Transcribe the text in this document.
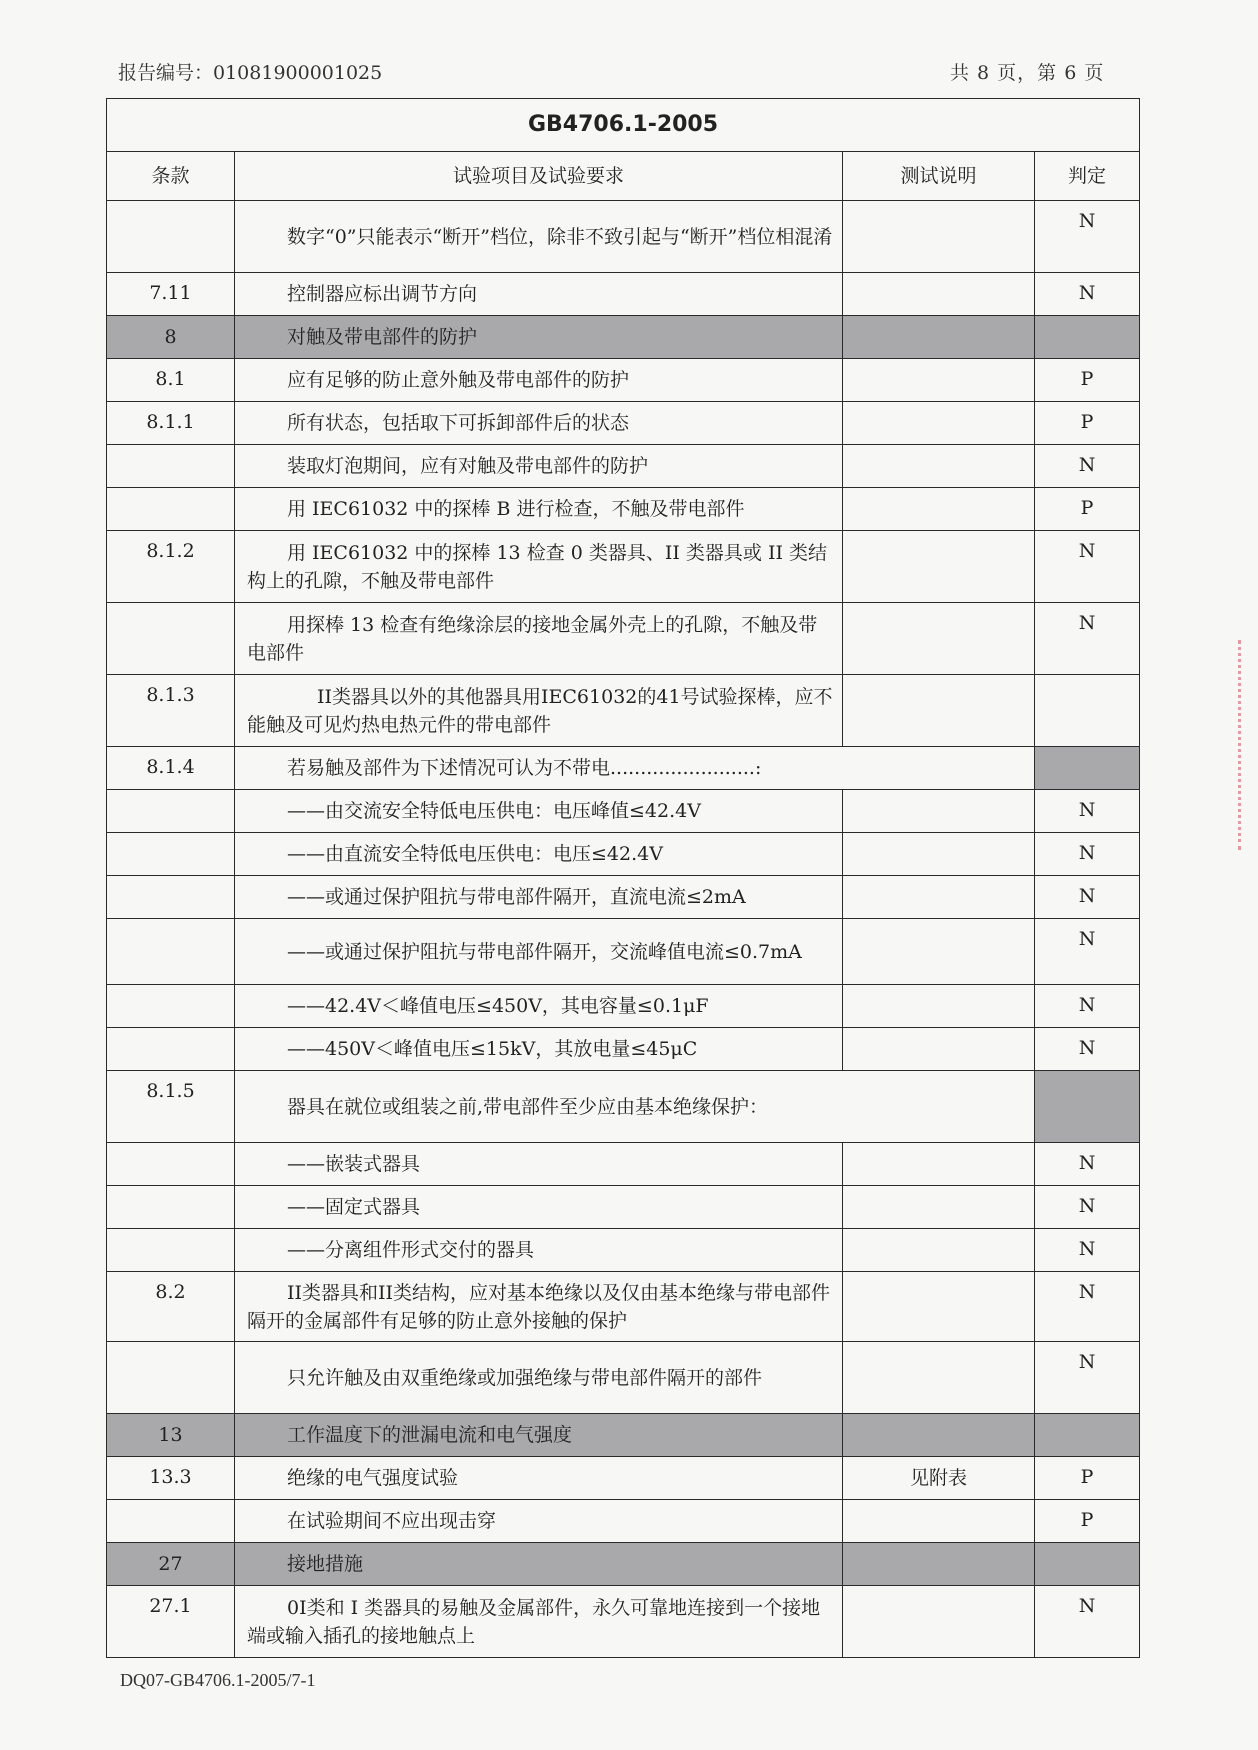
报告编号：01081900001025	共 8 页，第 6 页
GB4706.1-2005			
条款	试验项目及试验要求	测试说明	判定

	数字“0”只能表示“断开”档位，除非不致引起与“断开”档位相混淆		N
7.11	控制器应标出调节方向		N
8	对触及带电部件的防护		

8.1	应有足够的防止意外触及带电部件的防护		P
8.1.1	所有状态，包括取下可拆卸部件后的状态		P

	装取灯泡期间，应有对触及带电部件的防护		N

	用 IEC61032 中的探棒 B 进行检查，不触及带电部件		P
8.1.2	用 IEC61032 中的探棒 13 检查 0 类器具、II 类器具或 II 类结构上的孔隙，不触及带电部件		N

	用探棒 13 检查有绝缘涂层的接地金属外壳上的孔隙，不触及带电部件		N
8.1.3	II类器具以外的其他器具用IEC61032的41号试验探棒，应不能触及可见灼热电热元件的带电部件		

8.1.4	若易触及部件为下述情况可认为不带电........................:		

	——由交流安全特低电压供电：电压峰值≤42.4V		N

	——由直流安全特低电压供电：电压≤42.4V		N

	——或通过保护阻抗与带电部件隔开，直流电流≤2mA		N

	——或通过保护阻抗与带电部件隔开，交流峰值电流≤0.7mA		N

	——42.4V＜峰值电压≤450V，其电容量≤0.1μF		N

	——450V＜峰值电压≤15kV，其放电量≤45μC		N
8.1.5	器具在就位或组装之前,带电部件至少应由基本绝缘保护：		

	——嵌装式器具		N

	——固定式器具		N

	——分离组件形式交付的器具		N
8.2	II类器具和II类结构，应对基本绝缘以及仅由基本绝缘与带电部件隔开的金属部件有足够的防止意外接触的保护		N

	只允许触及由双重绝缘或加强绝缘与带电部件隔开的部件		N
13	工作温度下的泄漏电流和电气强度		

13.3	绝缘的电气强度试验	见附表	P

	在试验期间不应出现击穿		P
27	接地措施		

27.1	0I类和 I 类器具的易触及金属部件，永久可靠地连接到一个接地端或输入插孔的接地触点上		N
DQ07-GB4706.1-2005/7-1
